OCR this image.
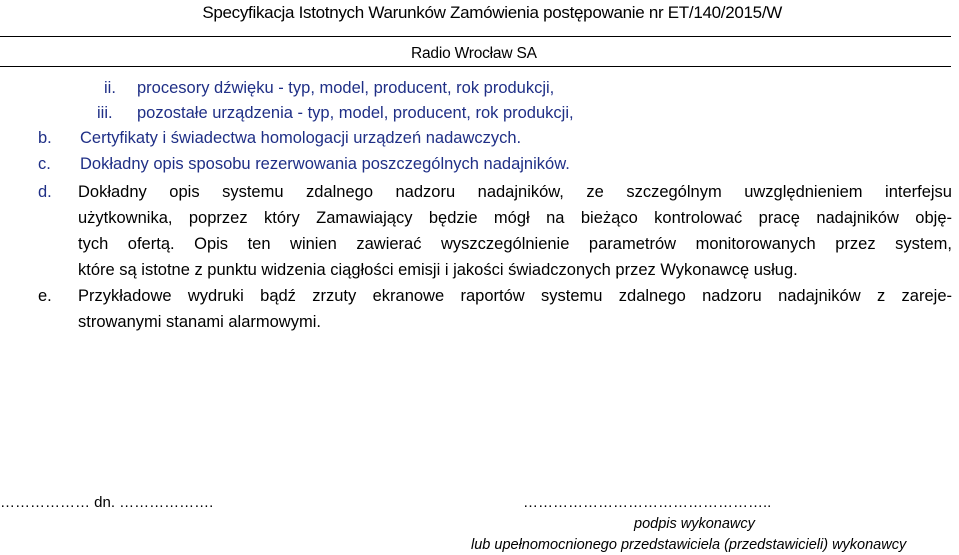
Specyfikacja Istotnych Warunków Zamówienia postępowanie nr ET/140/2015/W
Radio Wrocław SA
ii. procesory dźwięku - typ, model, producent, rok produkcji,
iii. pozostałe urządzenia - typ, model, producent, rok produkcji,
b. Certyfikaty i świadectwa homologacji urządzeń nadawczych.
c. Dokładny opis sposobu rezerwowania poszczególnych nadajników.
d. Dokładny opis systemu zdalnego nadzoru nadajników, ze szczególnym uwzględnieniem interfejsu
użytkownika, poprzez który Zamawiający będzie mógł na bieżąco kontrolować pracę nadajników obję-
tych ofertą. Opis ten winien zawierać wyszczególnienie parametrów monitorowanych przez system,
które są istotne z punktu widzenia ciągłości emisji i jakości świadczonych przez Wykonawcę usług.
e. Przykładowe wydruki bądź zrzuty ekranowe raportów systemu zdalnego nadzoru nadajników z zareje-
strowanymi stanami alarmowymi.
……………… dn. ……………….	…………………………………………..
podpis wykonawcy
lub upełnomocnionego przedstawiciela (przedstawicieli) wykonawcy
